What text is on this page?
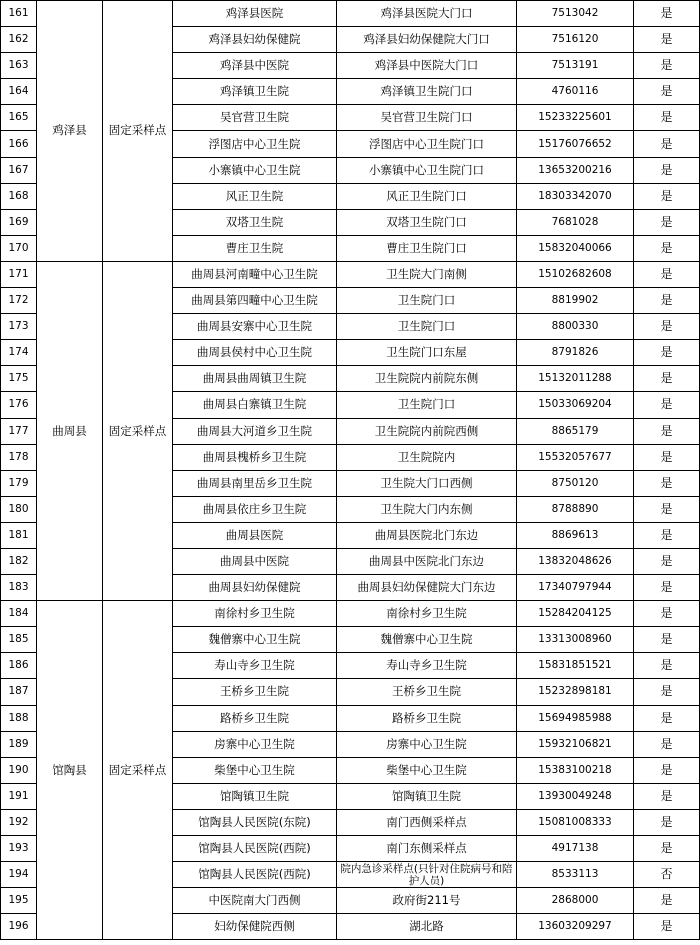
161	鸡泽县	固定采样点	鸡泽县医院	鸡泽县医院大门口	7513042	是
162			鸡泽县妇幼保健院	鸡泽县妇幼保健院大门口	7516120	是
163			鸡泽县中医院	鸡泽县中医院大门口	7513191	是
164			鸡泽镇卫生院	鸡泽镇卫生院门口	4760116	是
165			吴官营卫生院	吴官营卫生院门口	15233225601	是
166			浮图店中心卫生院	浮图店中心卫生院门口	15176076652	是
167			小寨镇中心卫生院	小寨镇中心卫生院门口	13653200216	是
168			风正卫生院	风正卫生院门口	18303342070	是
169			双塔卫生院	双塔卫生院门口	7681028	是
170			曹庄卫生院	曹庄卫生院门口	15832040066	是
171	曲周县	固定采样点	曲周县河南疃中心卫生院	卫生院大门南侧	15102682608	是
172			曲周县第四疃中心卫生院	卫生院门口	8819902	是
173			曲周县安寨中心卫生院	卫生院门口	8800330	是
174			曲周县侯村中心卫生院	卫生院门口东屋	8791826	是
175			曲周县曲周镇卫生院	卫生院院内前院东侧	15132011288	是
176			曲周县白寨镇卫生院	卫生院门口	15033069204	是
177			曲周县大河道乡卫生院	卫生院院内前院西侧	8865179	是
178			曲周县槐桥乡卫生院	卫生院院内	15532057677	是
179			曲周县南里岳乡卫生院	卫生院大门口西侧	8750120	是
180			曲周县依庄乡卫生院	卫生院大门内东侧	8788890	是
181			曲周县医院	曲周县医院北门东边	8869613	是
182			曲周县中医院	曲周县中医院北门东边	13832048626	是
183			曲周县妇幼保健院	曲周县妇幼保健院大门东边	17340797944	是
184	馆陶县	固定采样点	南徐村乡卫生院	南徐村乡卫生院	15284204125	是
185			魏僧寨中心卫生院	魏僧寨中心卫生院	13313008960	是
186			寿山寺乡卫生院	寿山寺乡卫生院	15831851521	是
187			王桥乡卫生院	王桥乡卫生院	15232898181	是
188			路桥乡卫生院	路桥乡卫生院	15694985988	是
189			房寨中心卫生院	房寨中心卫生院	15932106821	是
190			柴堡中心卫生院	柴堡中心卫生院	15383100218	是
191			馆陶镇卫生院	馆陶镇卫生院	13930049248	是
192			馆陶县人民医院(东院)	南门西侧采样点	15081008333	是
193			馆陶县人民医院(西院)	南门东侧采样点	4917138	是
194			馆陶县人民医院(西院)	院内急诊采样点(只针对住院病号和陪护人员)	8533113	否
195			中医院南大门西侧	政府街211号	2868000	是
196			妇幼保健院西侧	湖北路	13603209297	是
